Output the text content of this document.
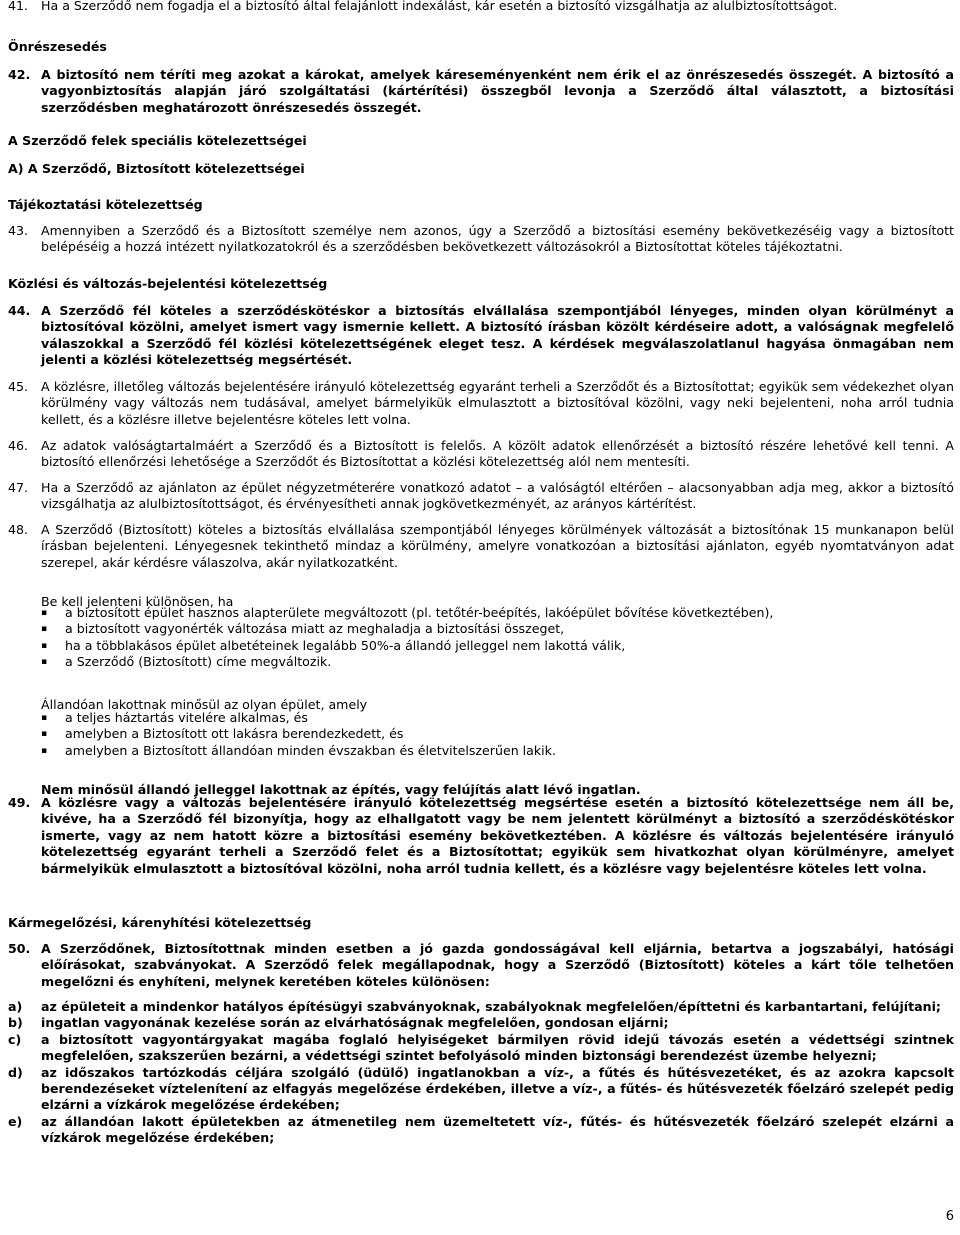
41. Ha a Szerződő nem fogadja el a biztosító által felajánlott indexálást, kár esetén a biztosító vizsgálhatja az alulbiztosítottságot.

Önrészesedés

42. A biztosító nem téríti meg azokat a károkat, amelyek káreseményenként nem érik el az önrészesedés összegét. A biztosító a vagyonbiztosítás alapján járó szolgáltatási (kártérítési) összegből levonja a Szerződő által választott, a biztosítási szerződésben meghatározott önrészesedés összegét.

A Szerződő felek speciális kötelezettségei

A) A Szerződő, Biztosított kötelezettségei

Tájékoztatási kötelezettség

43. Amennyiben a Szerződő és a Biztosított személye nem azonos, úgy a Szerződő a biztosítási esemény bekövetkezéséig vagy a biztosított belépéséig a hozzá intézett nyilatkozatokról és a szerződésben bekövetkezett változásokról a Biztosítottat köteles tájékoztatni.

Közlési és változás-bejelentési kötelezettség

44. A Szerződő fél köteles a szerződéskötéskor a biztosítás elvállalása szempontjából lényeges, minden olyan körülményt a biztosítóval közölni, amelyet ismert vagy ismernie kellett. A biztosító írásban közölt kérdéseire adott, a valóságnak megfelelő válaszokkal a Szerződő fél közlési kötelezettségének eleget tesz. A kérdések megválaszolatlanul hagyása önmagában nem jelenti a közlési kötelezettség megsértését.

45. A közlésre, illetőleg változás bejelentésére irányuló kötelezettség egyaránt terheli a Szerződőt és a Biztosítottat; egyikük sem védekezhet olyan körülmény vagy változás nem tudásával, amelyet bármelyikük elmulasztott a biztosítóval közölni, vagy neki bejelenteni, noha arról tudnia kellett, és a közlésre illetve bejelentésre köteles lett volna.

46. Az adatok valóságtartalmáért a Szerződő és a Biztosított is felelős. A közölt adatok ellenőrzését a biztosító részére lehetővé kell tenni. A biztosító ellenőrzési lehetősége a Szerződőt és Biztosítottat a közlési kötelezettség alól nem mentesíti.

47. Ha a Szerződő az ajánlaton az épület négyzetméterére vonatkozó adatot – a valóságtól eltérően – alacsonyabban adja meg, akkor a biztosító vizsgálhatja az alulbiztosítottságot, és érvényesítheti annak jogkövetkezményét, az arányos kártérítést.

48. A Szerződő (Biztosított) köteles a biztosítás elvállalása szempontjából lényeges körülmények változását a biztosítónak 15 munkanapon belül írásban bejelenteni. Lényegesnek tekinthető mindaz a körülmény, amelyre vonatkozóan a biztosítási ajánlaton, egyéb nyomtatványon adat szerepel, akár kérdésre válaszolva, akár nyilatkozatként.

Be kell jelenteni különösen, ha

▪ a biztosított épület hasznos alapterülete megváltozott (pl. tetőtér-beépítés, lakóépület bővítése következtében),
▪ a biztosított vagyonérték változása miatt az meghaladja a biztosítási összeget,
▪ ha a többlakásos épület albetéteinek legalább 50%-a állandó jelleggel nem lakottá válik,
▪ a Szerződő (Biztosított) címe megváltozik.

Állandóan lakottnak minősül az olyan épület, amely

▪ a teljes háztartás vitelére alkalmas, és
▪ amelyben a Biztosított ott lakásra berendezkedett, és
▪ amelyben a Biztosított állandóan minden évszakban és életvitelszerűen lakik.

Nem minősül állandó jelleggel lakottnak az építés, vagy felújítás alatt lévő ingatlan.

49. A közlésre vagy a változás bejelentésére irányuló kötelezettség megsértése esetén a biztosító kötelezettsége nem áll be, kivéve, ha a Szerződő fél bizonyítja, hogy az elhallgatott vagy be nem jelentett körülményt a biztosító a szerződéskötéskor ismerte, vagy az nem hatott közre a biztosítási esemény bekövetkeztében. A közlésre és változás bejelentésére irányuló kötelezettség egyaránt terheli a Szerződő felet és a Biztosítottat; egyikük sem hivatkozhat olyan körülményre, amelyet bármelyikük elmulasztott a biztosítóval közölni, noha arról tudnia kellett, és a közlésre vagy bejelentésre köteles lett volna.

Kármegelőzési, kárenyhítési kötelezettség

50. A Szerződőnek, Biztosítottnak minden esetben a jó gazda gondosságával kell eljárnia, betartva a jogszabályi, hatósági előírásokat, szabványokat. A Szerződő felek megállapodnak, hogy a Szerződő (Biztosított) köteles a kárt tőle telhetően megelőzni és enyhíteni, melynek keretében köteles különösen:

a) az épületeit a mindenkor hatályos építésügyi szabványoknak, szabályoknak megfelelően/építtetni és karbantartani, felújítani;
b) ingatlan vagyonának kezelése során az elvárhatóságnak megfelelően, gondosan eljárni;
c) a biztosított vagyontárgyakat magába foglaló helyiségeket bármilyen rövid idejű távozás esetén a védettségi szintnek megfelelően, szakszerűen bezárni, a védettségi szintet befolyásoló minden biztonsági berendezést üzembe helyezni;
d) az időszakos tartózkodás céljára szolgáló (üdülő) ingatlanokban a víz-, a fűtés és hűtésvezetéket, és az azokra kapcsolt berendezéseket víztelenítení az elfagyás megelőzése érdekében, illetve a víz-, a fűtés- és hűtésvezeték főelzáró szelepét pedig elzárni a vízkárok megelőzése érdekében;
e) az állandóan lakott épületekben az átmenetileg nem üzemeltetett víz-, fűtés- és hűtésvezeték főelzáró szelepét elzárni a vízkárok megelőzése érdekében;
6
